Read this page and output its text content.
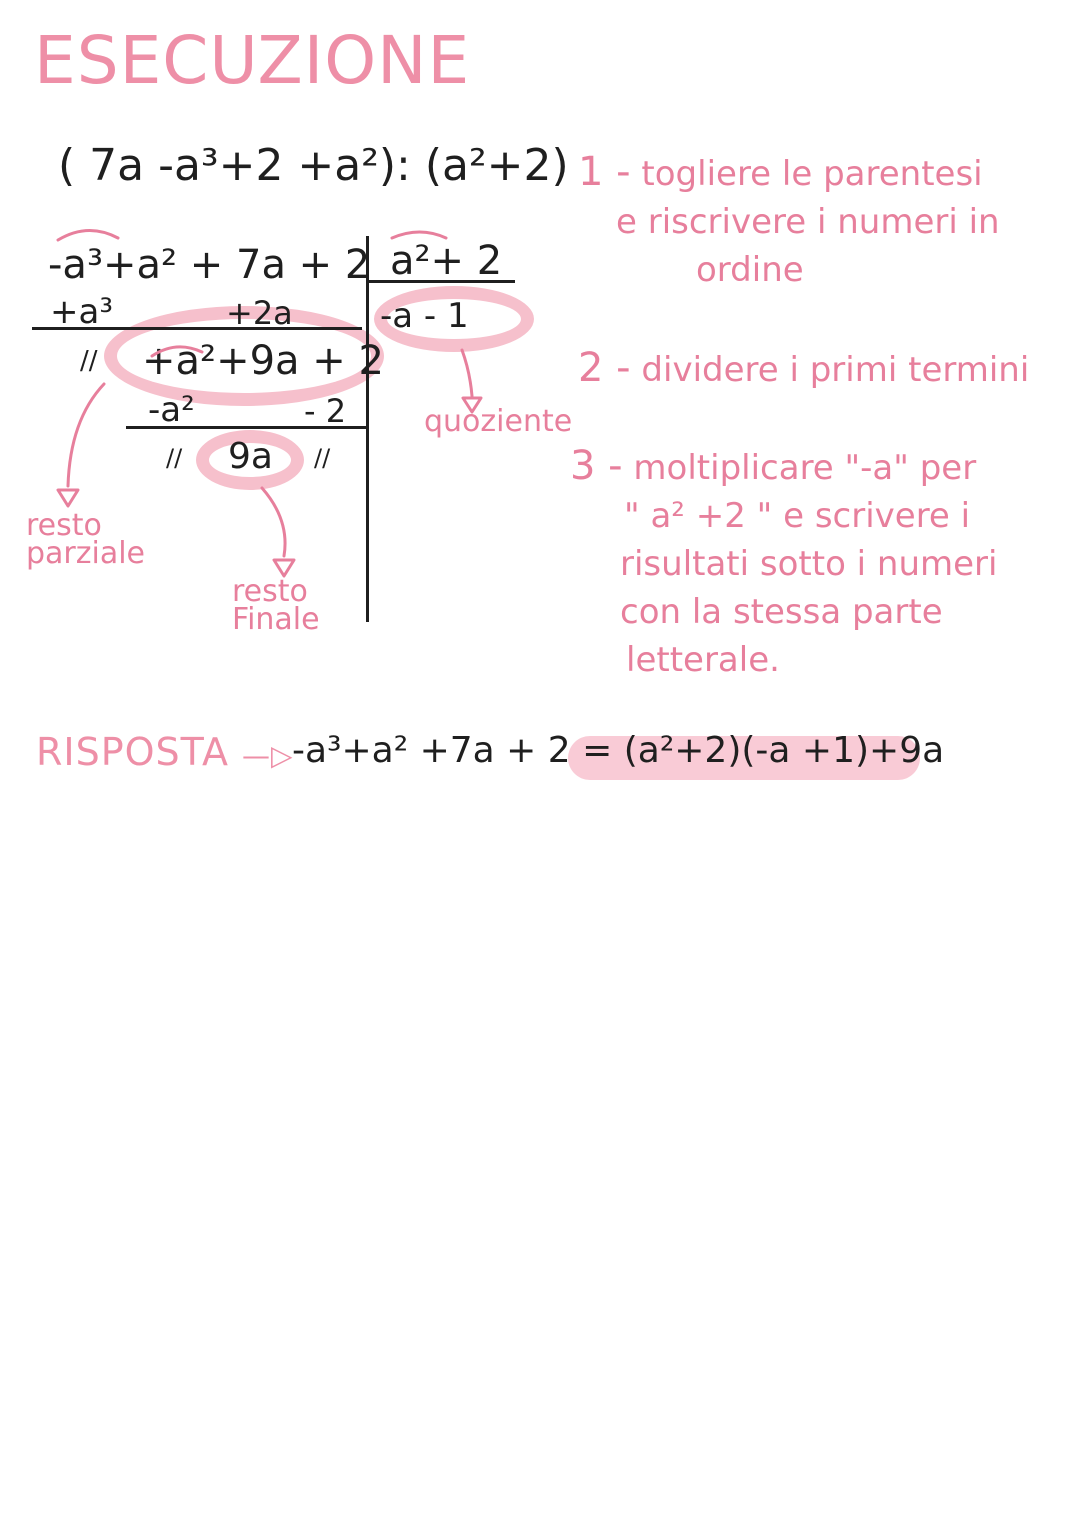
ESECUZIONE
( 7a -a³+2 +a²): (a²+2)
-a³+a² + 7a + 2 a²+ 2
+a³	+2a
// +a²+9a + 2
-a - 1
-a²	- 2
// 9a //
resto
parziale
resto
Finale
quoziente
1 - togliere le parentesi
e riscrivere i numeri in
ordine
2 - dividere i primi termini
3 - moltiplicare "-a" per
" a² +2 " e scrivere i
risultati sotto i numeri
con la stessa parte
letterale.
RISPOSTA —▷
-a³+a² +7a + 2 = (a²+2)(-a +1)+9a
